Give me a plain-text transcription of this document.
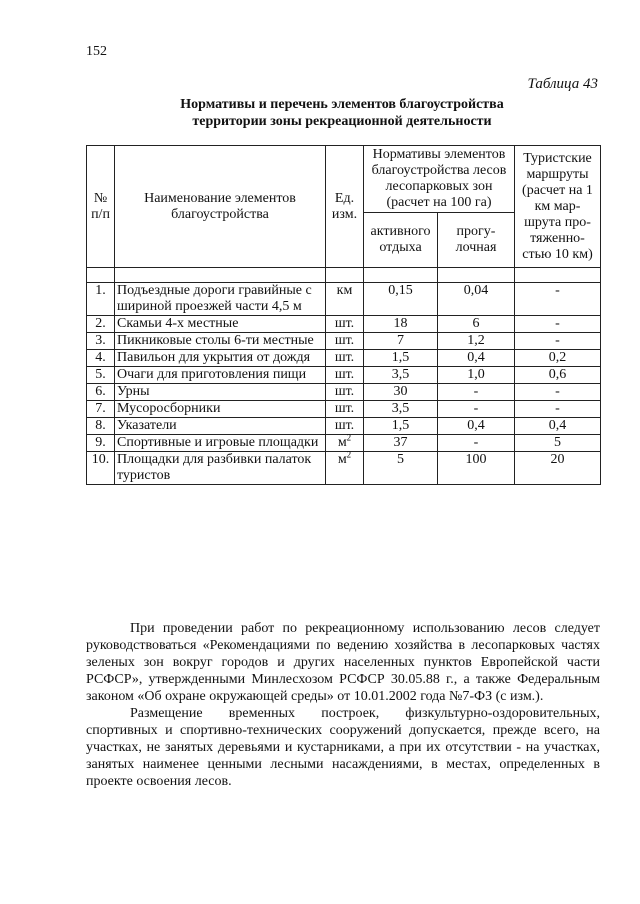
152
Таблица 43
Нормативы и перечень элементов благоустройства
территории зоны рекреационной деятельности
№ п/п	Наименование элементов благоустройства	Ед. изм.	Нормативы элементов благоустройства лесов лесопарковых зон (расчет на 100 га)		Туристские маршруты (расчет на 1 км мар-шрута про-тяженно-стью 10 км)
			активного отдыха	прогу-лочная	

1.	Подъездные дороги гравийные с шириной проезжей части 4,5 м	км	0,15	0,04	-
2.	Скамьи 4-х местные	шт.	18	6	-
3.	Пикниковые столы 6-ти местные	шт.	7	1,2	-
4.	Павильон для укрытия от дождя	шт.	1,5	0,4	0,2
5.	Очаги для приготовления пищи	шт.	3,5	1,0	0,6
6.	Урны	шт.	30	-	-
7.	Мусоросборники	шт.	3,5	-	-
8.	Указатели	шт.	1,5	0,4	0,4
9.	Спортивные и игровые площадки	$м^2$	37	-	5
10.	Площадки для разбивки палаток туристов	$м^2$	5	100	20

При проведении работ по рекреационному использованию лесов следует руководствоваться «Рекомендациями по ведению хозяйства в лесопарковых частях зеленых зон вокруг городов и других населенных пунктов Европейской части РСФСР», утвержденными Минлесхозом РСФСР 30.05.88 г., а также Федеральным законом «Об охране окружающей среды» от 10.01.2002 года №7-ФЗ (с изм.).

Размещение временных построек, физкультурно-оздоровительных, спортивных и спортивно-технических сооружений допускается, прежде всего, на участках, не занятых деревьями и кустарниками, а при их отсутствии - на участках, занятых наименее ценными лесными насаждениями, в местах, определенных в проекте освоения лесов.
